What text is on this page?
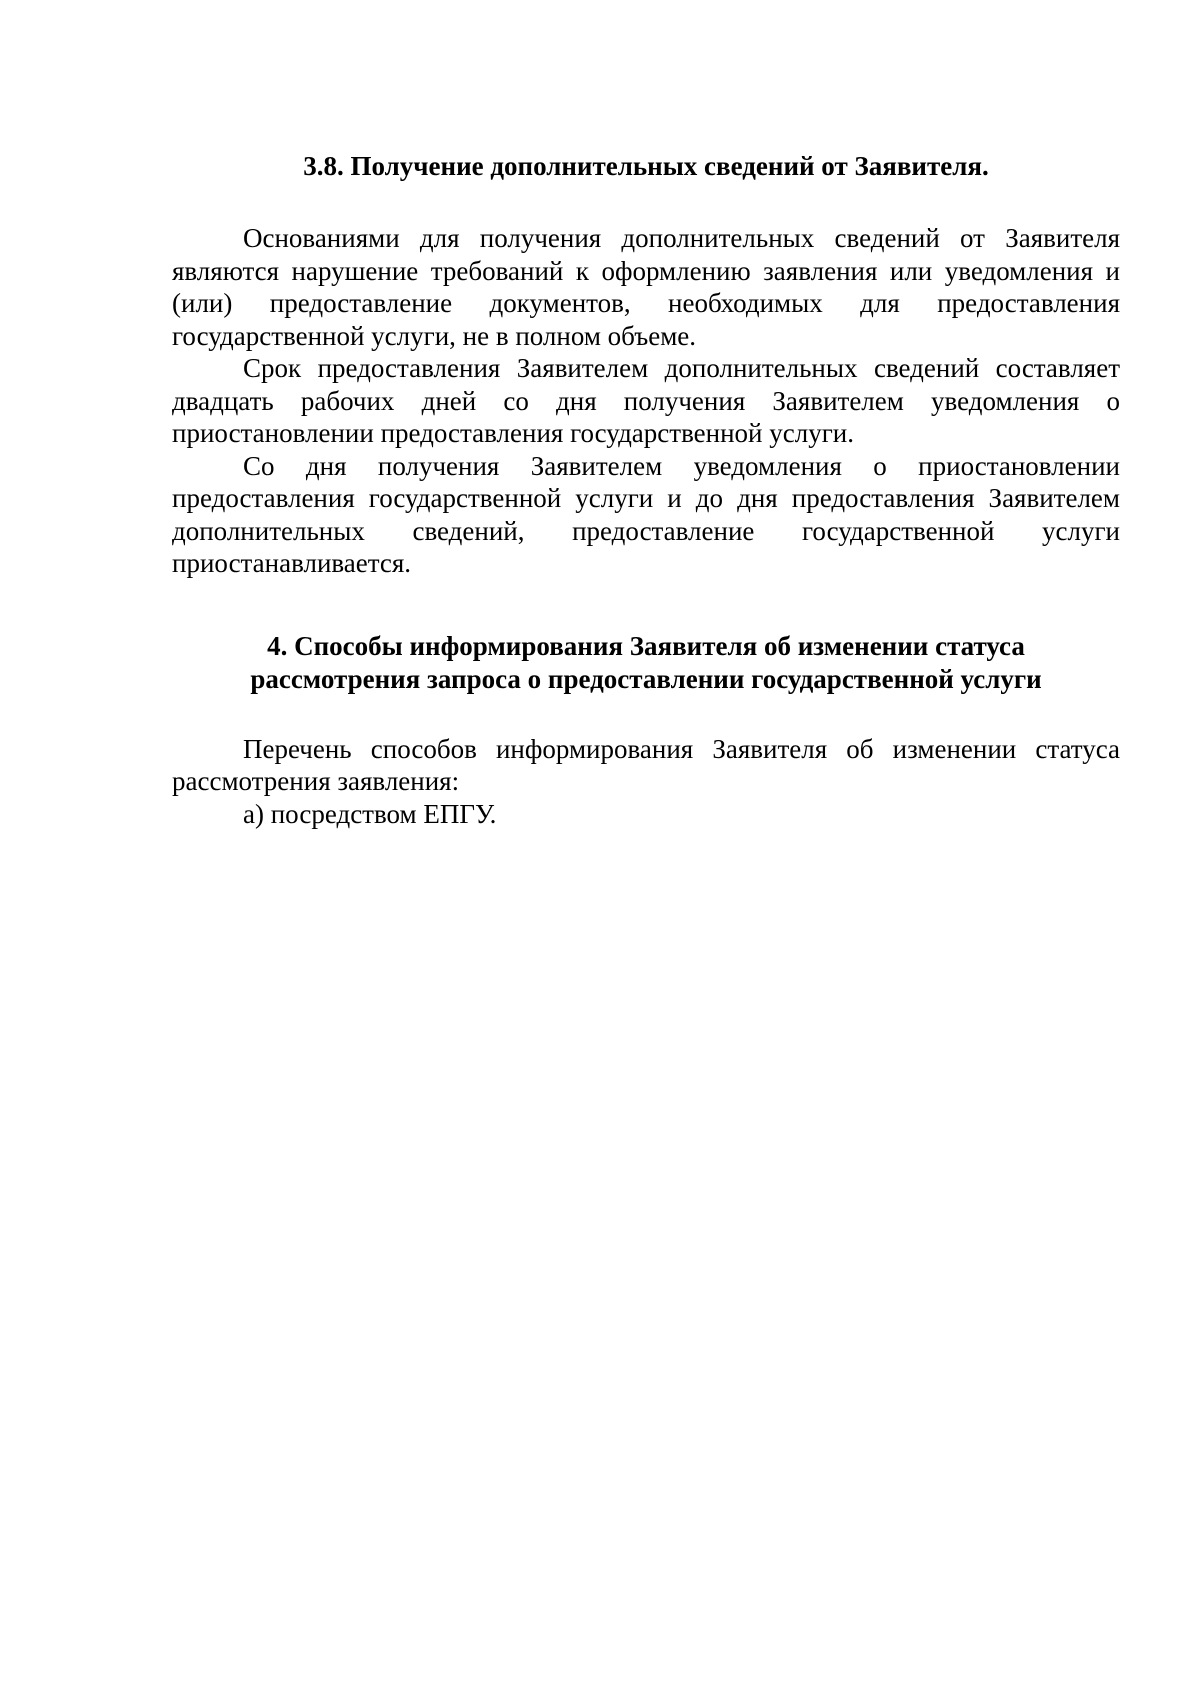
3.8. Получение дополнительных сведений от Заявителя.

Основаниями для получения дополнительных сведений от Заявителя являются нарушение требований к оформлению заявления или уведомления и (или) предоставление документов, необходимых для предоставления государственной услуги, не в полном объеме.

Срок предоставления Заявителем дополнительных сведений составляет двадцать рабочих дней со дня получения Заявителем уведомления о приостановлении предоставления государственной услуги.

Со дня получения Заявителем уведомления о приостановлении предоставления государственной услуги и до дня предоставления Заявителем дополнительных сведений, предоставление государственной услуги приостанавливается.

4. Способы информирования Заявителя об изменении статуса
рассмотрения запроса о предоставлении государственной услуги

Перечень способов информирования Заявителя об изменении статуса рассмотрения заявления:

а) посредством ЕПГУ.
